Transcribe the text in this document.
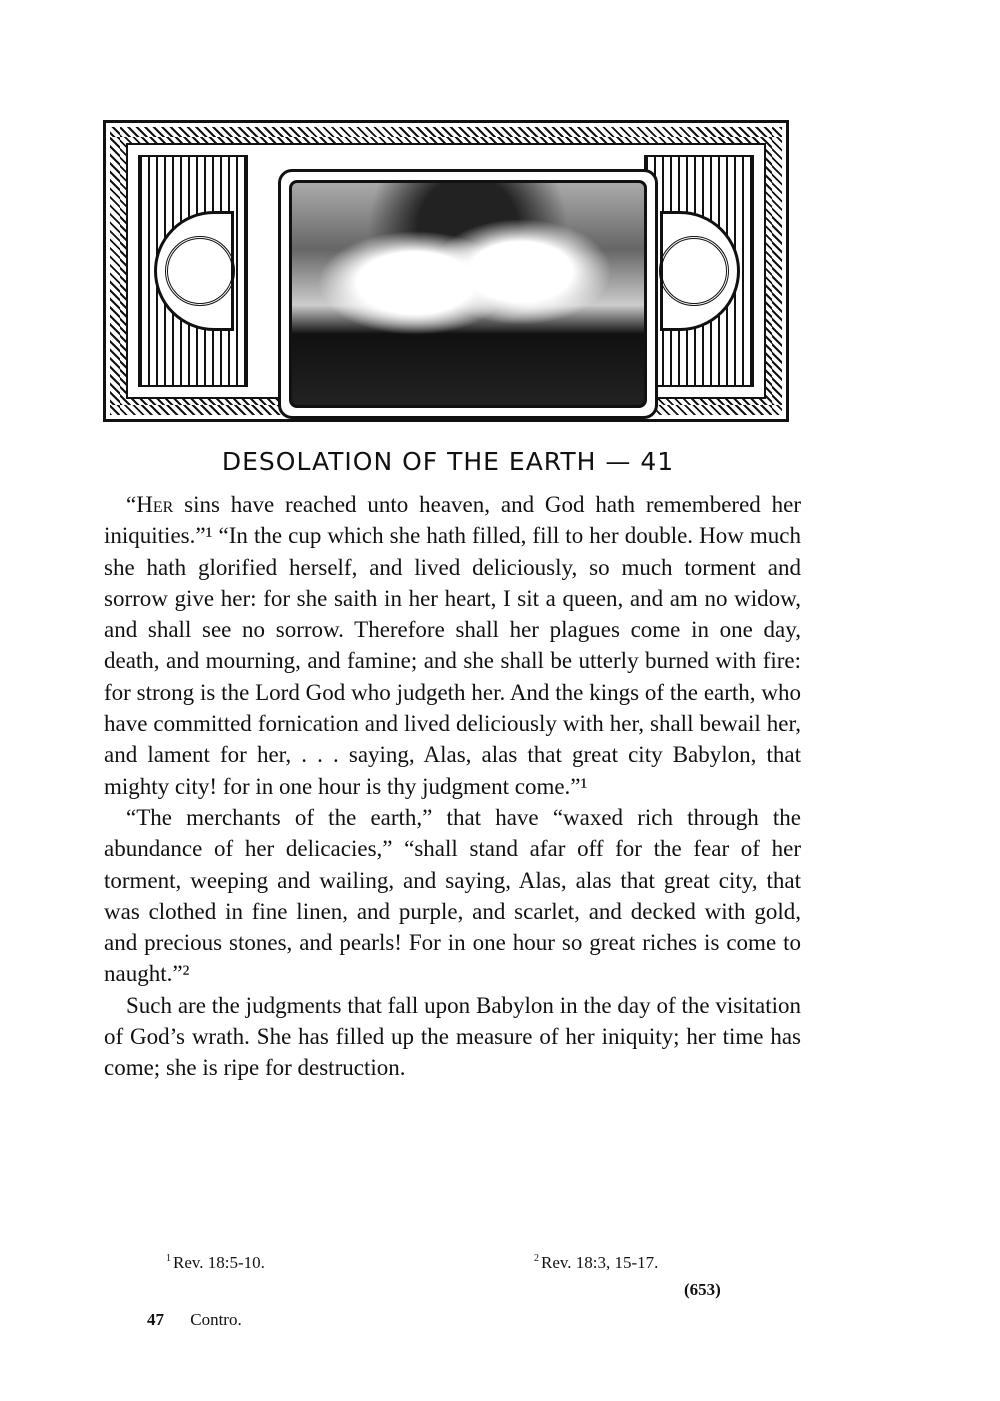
DESOLATION OF THE EARTH — 41

“Her sins have reached unto heaven, and God hath remembered her iniquities.”¹ “In the cup which she hath filled, fill to her double. How much she hath glorified herself, and lived deliciously, so much torment and sorrow give her: for she saith in her heart, I sit a queen, and am no widow, and shall see no sorrow. Therefore shall her plagues come in one day, death, and mourning, and famine; and she shall be utterly burned with fire: for strong is the Lord God who judgeth her. And the kings of the earth, who have committed fornication and lived deliciously with her, shall bewail her, and lament for her, . . . saying, Alas, alas that great city Babylon, that mighty city! for in one hour is thy judgment come.”¹

“The merchants of the earth,” that have “waxed rich through the abundance of her delicacies,” “shall stand afar off for the fear of her torment, weeping and wailing, and saying, Alas, alas that great city, that was clothed in fine linen, and purple, and scarlet, and decked with gold, and precious stones, and pearls! For in one hour so great riches is come to naught.”²

Such are the judgments that fall upon Babylon in the day of the visitation of God’s wrath. She has filled up the measure of her iniquity; her time has come; she is ripe for destruction.

$^1$ Rev. 18:5-10.	$^2$ Rev. 18:3, 15-17.
(653)
47 Contro.
